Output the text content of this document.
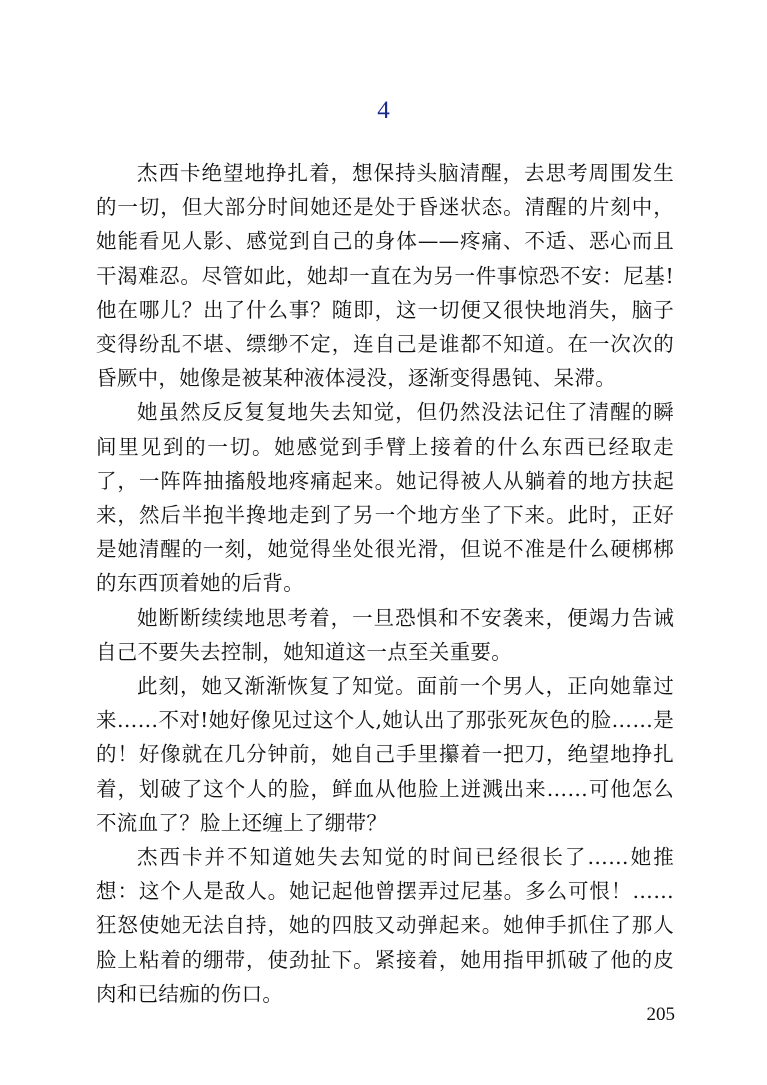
4

杰西卡绝望地挣扎着，想保持头脑清醒，去思考周围发生的一切，但大部分时间她还是处于昏迷状态。清醒的片刻中，她能看见人影、感觉到自己的身体——疼痛、不适、恶心而且干渴难忍。尽管如此，她却一直在为另一件事惊恐不安：尼基!他在哪儿？出了什么事？随即，这一切便又很快地消失，脑子变得纷乱不堪、缥缈不定，连自己是谁都不知道。在一次次的昏厥中，她像是被某种液体浸没，逐渐变得愚钝、呆滞。

她虽然反反复复地失去知觉，但仍然没法记住了清醒的瞬间里见到的一切。她感觉到手臂上接着的什么东西已经取走了，一阵阵抽搐般地疼痛起来。她记得被人从躺着的地方扶起来，然后半抱半搀地走到了另一个地方坐了下来。此时，正好是她清醒的一刻，她觉得坐处很光滑，但说不准是什么硬梆梆的东西顶着她的后背。

她断断续续地思考着，一旦恐惧和不安袭来，便竭力告诫自己不要失去控制，她知道这一点至关重要。

此刻，她又渐渐恢复了知觉。面前一个男人，正向她靠过来……不对!她好像见过这个人,她认出了那张死灰色的脸……是的！好像就在几分钟前，她自己手里攥着一把刀，绝望地挣扎着，划破了这个人的脸，鲜血从他脸上迸溅出来……可他怎么不流血了？脸上还缠上了绷带？

杰西卡并不知道她失去知觉的时间已经很长了……她推想：这个人是敌人。她记起他曾摆弄过尼基。多么可恨！……狂怒使她无法自持，她的四肢又动弹起来。她伸手抓住了那人脸上粘着的绷带，使劲扯下。紧接着，她用指甲抓破了他的皮肉和已结痂的伤口。

205
